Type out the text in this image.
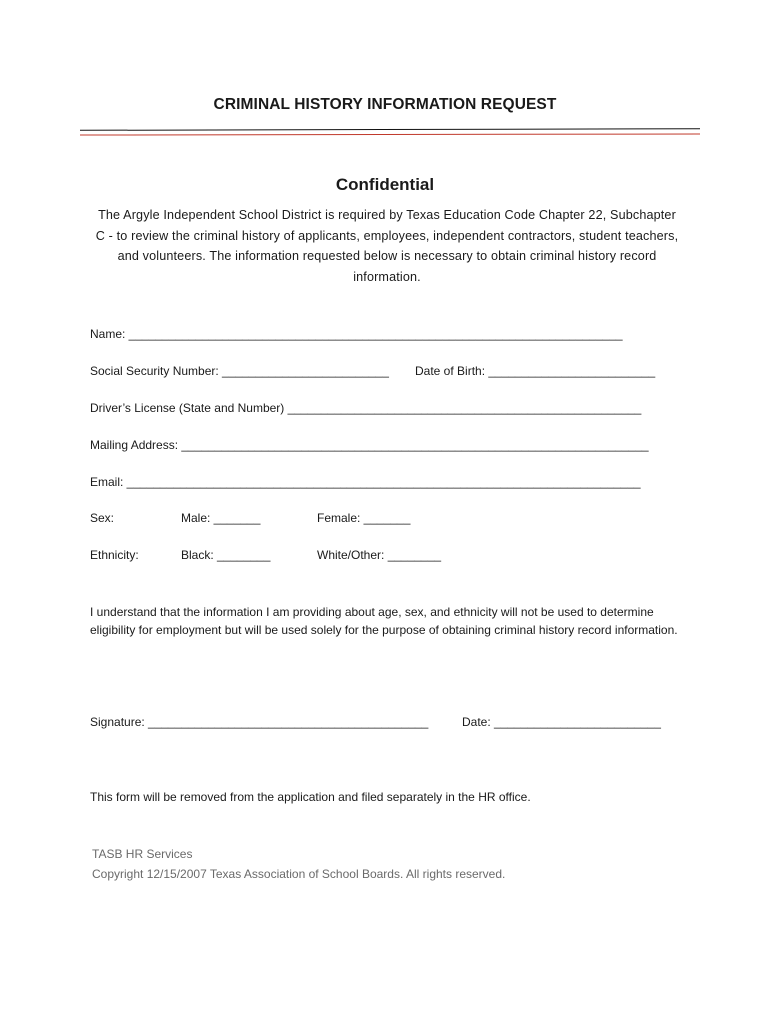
CRIMINAL HISTORY INFORMATION REQUEST
Confidential
The Argyle Independent School District is required by Texas Education Code Chapter 22, Subchapter C - to review the criminal history of applicants, employees, independent contractors, student teachers, and volunteers. The information requested below is necessary to obtain criminal history record information.
Name: __________________________________________________________________________
Social Security Number: _________________________ Date of Birth: _________________________
Driver’s License (State and Number) _____________________________________________________
Mailing Address: ______________________________________________________________________
Email: _____________________________________________________________________________
Sex:	Male: _______	Female: _______
Ethnicity:	Black: ________	White/Other: ________
I understand that the information I am providing about age, sex, and ethnicity will not be used to determine eligibility for employment but will be used solely for the purpose of obtaining criminal history record information.
Signature: __________________________________________	Date: _________________________
This form will be removed from the application and filed separately in the HR office.
TASB HR Services
Copyright 12/15/2007 Texas Association of School Boards. All rights reserved.
